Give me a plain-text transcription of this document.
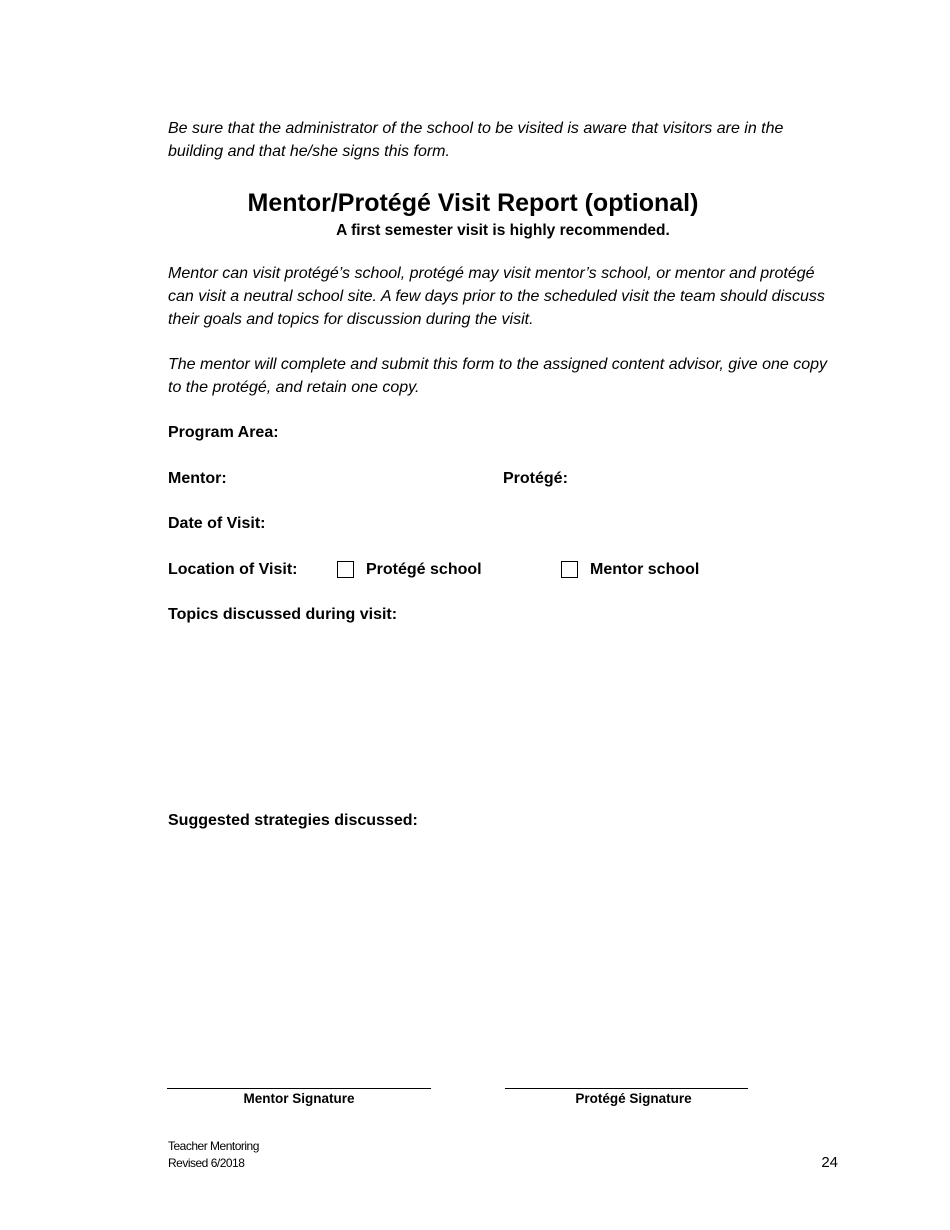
Be sure that the administrator of the school to be visited is aware that visitors are in the building and that he/she signs this form.
Mentor/Protégé Visit Report (optional)
A first semester visit is highly recommended.
Mentor can visit protégé’s school, protégé may visit mentor’s school, or mentor and protégé can visit a neutral school site. A few days prior to the scheduled visit the team should discuss their goals and topics for discussion during the visit.
The mentor will complete and submit this form to the assigned content advisor, give one copy to the protégé, and retain one copy.
Program Area:
Mentor:	Protégé:
Date of Visit:
Location of Visit:	Protégé school	Mentor school
Topics discussed during visit:
Suggested strategies discussed:
Mentor Signature	Protégé Signature
Teacher Mentoring
Revised 6/2018	24
